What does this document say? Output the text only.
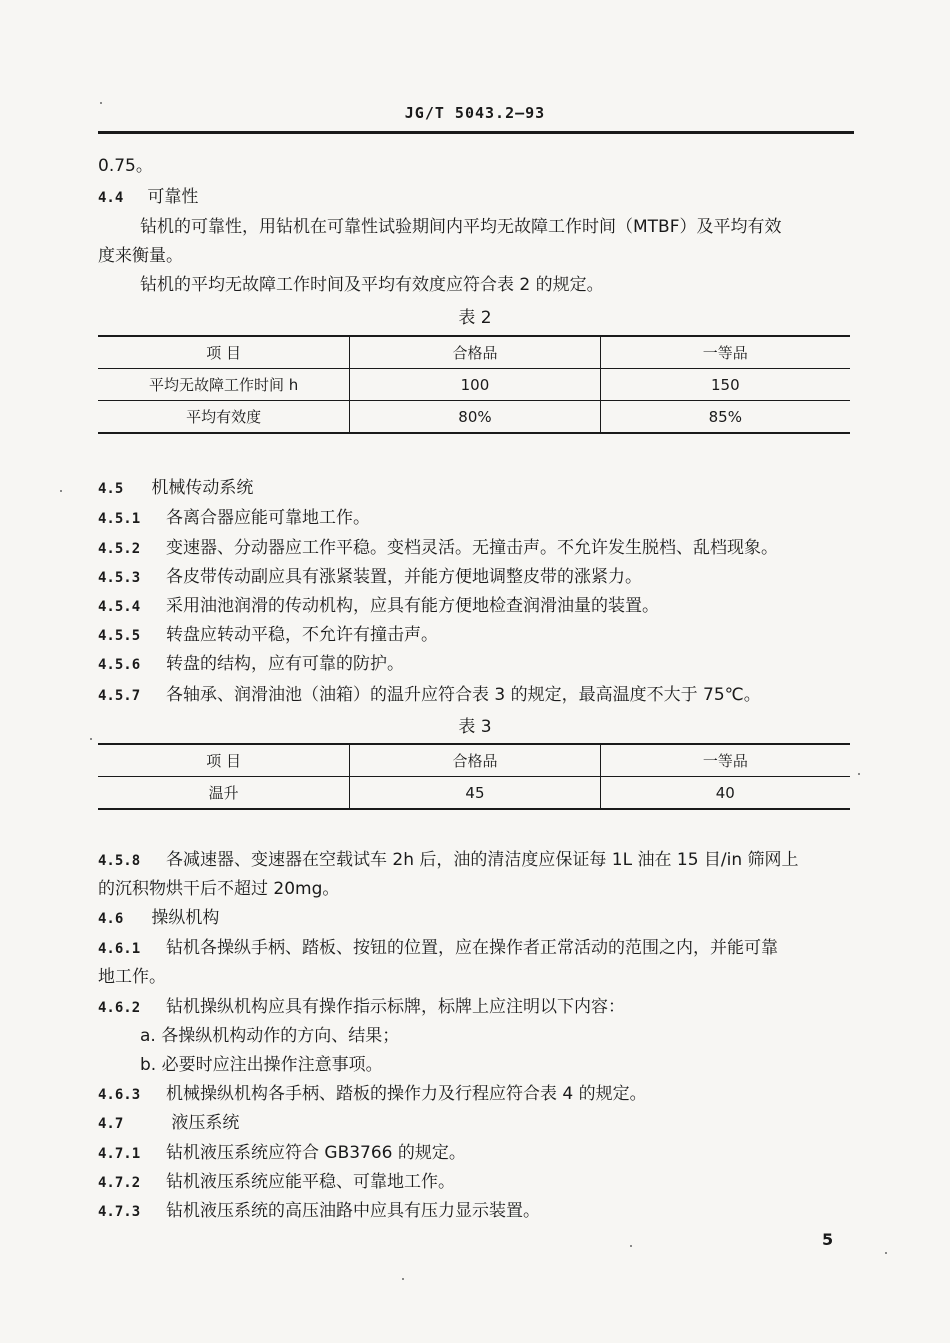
JG/T 5043.2—93
0.75。
4.4 可靠性
钻机的可靠性，用钻机在可靠性试验期间内平均无故障工作时间（MTBF）及平均有效
度来衡量。
钻机的平均无故障工作时间及平均有效度应符合表 2 的规定。
表 2
项 目	合格品	一等品
平均无故障工作时间 h	100	150
平均有效度	80%	85%
4.5 机械传动系统
4.5.1 各离合器应能可靠地工作。
4.5.2 变速器、分动器应工作平稳。变档灵活。无撞击声。不允许发生脱档、乱档现象。
4.5.3 各皮带传动副应具有涨紧装置，并能方便地调整皮带的涨紧力。
4.5.4 采用油池润滑的传动机构，应具有能方便地检查润滑油量的装置。
4.5.5 转盘应转动平稳，不允许有撞击声。
4.5.6 转盘的结构，应有可靠的防护。
4.5.7 各轴承、润滑油池（油箱）的温升应符合表 3 的规定，最高温度不大于 75℃。
表 3
项 目	合格品	一等品
温升	45	40
4.5.8 各减速器、变速器在空载试车 2h 后，油的清洁度应保证每 1L 油在 15 目/in 筛网上
的沉积物烘干后不超过 20mg。
4.6 操纵机构
4.6.1 钻机各操纵手柄、踏板、按钮的位置，应在操作者正常活动的范围之内，并能可靠
地工作。
4.6.2 钻机操纵机构应具有操作指示标牌，标牌上应注明以下内容：
a. 各操纵机构动作的方向、结果；
b. 必要时应注出操作注意事项。
4.6.3 机械操纵机构各手柄、踏板的操作力及行程应符合表 4 的规定。
4.7	液压系统
4.7.1 钻机液压系统应符合 GB3766 的规定。
4.7.2 钻机液压系统应能平稳、可靠地工作。
4.7.3 钻机液压系统的高压油路中应具有压力显示装置。
5
